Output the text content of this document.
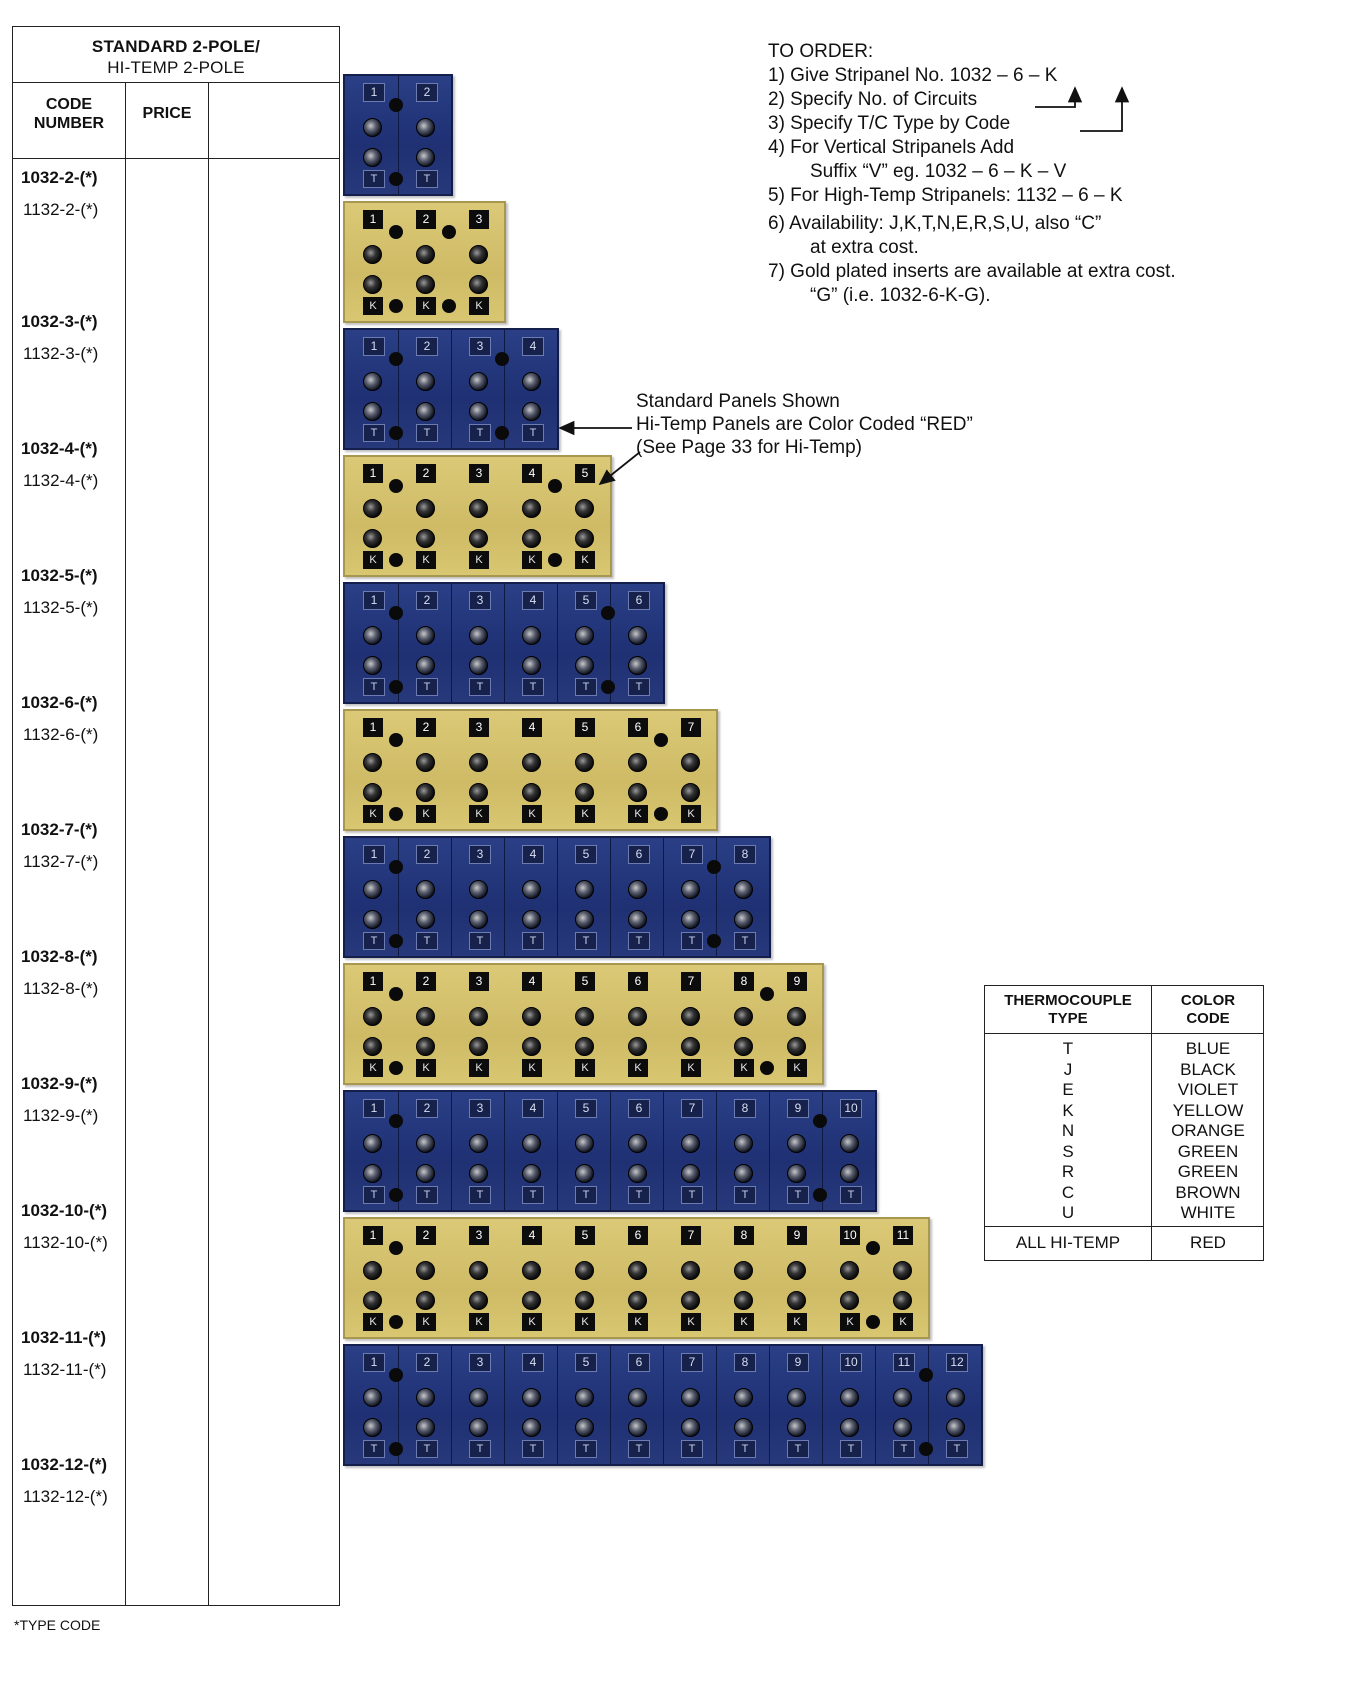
STANDARD 2-POLE/
HI-TEMP 2-POLE
CODE
NUMBER
PRICE
1032-2-(*)
1132-2-(*)
1032-3-(*)
1132-3-(*)
1032-4-(*)
1132-4-(*)
1032-5-(*)
1132-5-(*)
1032-6-(*)
1132-6-(*)
1032-7-(*)
1132-7-(*)
1032-8-(*)
1132-8-(*)
1032-9-(*)
1132-9-(*)
1032-10-(*)
1132-10-(*)
1032-11-(*)
1132-11-(*)
1032-12-(*)
1132-12-(*)
*TYPE CODE
1
T
2
T
1
K
2
K
3
K
1
T
2
T
3
T
4
T
1
K
2
K
3
K
4
K
5
K
1
T
2
T
3
T
4
T
5
T
6
T
1
K
2
K
3
K
4
K
5
K
6
K
7
K
1
T
2
T
3
T
4
T
5
T
6
T
7
T
8
T
1
K
2
K
3
K
4
K
5
K
6
K
7
K
8
K
9
K
1
T
2
T
3
T
4
T
5
T
6
T
7
T
8
T
9
T
10
T
1
K
2
K
3
K
4
K
5
K
6
K
7
K
8
K
9
K
10
K
11
K
1
T
2
T
3
T
4
T
5
T
6
T
7
T
8
T
9
T
10
T
11
T
12
T
TO ORDER:
1) Give Stripanel No. 1032 – 6 – K
2) Specify No. of Circuits
3) Specify T/C Type by Code
4) For Vertical Stripanels Add
Suffix “V” eg. 1032 – 6 – K – V
5) For High-Temp Stripanels: 1132 – 6 – K
6) Availability: J,K,T,N,E,R,S,U, also “C”
at extra cost.
7) Gold plated inserts are available at extra cost.
“G” (i.e. 1032-6-K-G).
Standard Panels Shown
Hi-Temp Panels are Color Coded “RED”
(See Page 33 for Hi-Temp)
THERMOCOUPLE
TYPE
COLOR
CODE
T	BLUE
J	BLACK
E	VIOLET
K	YELLOW
N	ORANGE
S	GREEN
R	GREEN
C	BROWN
U	WHITE
ALL HI-TEMP	RED
